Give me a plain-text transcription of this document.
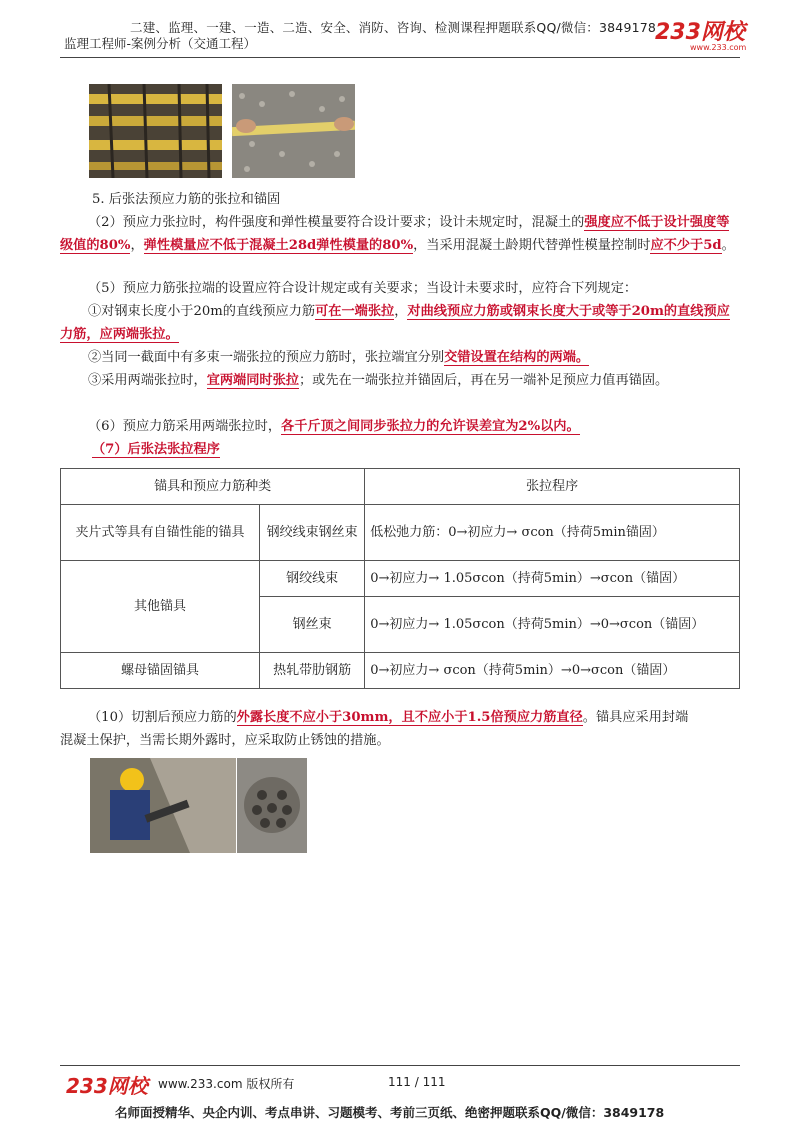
二建、监理、一建、一造、二造、安全、消防、咨询、检测课程押题联系QQ/微信：3849178
监理工程师-案例分析（交通工程）	233网校
www.233.com
5. 后张法预应力筋的张拉和锚固
（2）预应力张拉时，构件强度和弹性模量要符合设计要求；设计未规定时，混凝土的强度应不低于设计强度等级值的80%，弹性模量应不低于混凝土28d弹性模量的80%，当采用混凝土龄期代替弹性模量控制时应不少于5d。
（5）预应力筋张拉端的设置应符合设计规定或有关要求；当设计未要求时，应符合下列规定：
①对钢束长度小于20m的直线预应力筋可在一端张拉，对曲线预应力筋或钢束长度大于或等于20m的直线预应力筋，应两端张拉。
②当同一截面中有多束一端张拉的预应力筋时，张拉端宜分别交错设置在结构的两端。
③采用两端张拉时，宜两端同时张拉；或先在一端张拉并锚固后，再在另一端补足预应力值再锚固。
（6）预应力筋采用两端张拉时，各千斤顶之间同步张拉力的允许误差宜为2%以内。
（7）后张法张拉程序
锚具和预应力筋种类		张拉程序
夹片式等具有自锚性能的锚具	钢绞线束钢丝束	低松弛力筋：0→初应力→ σcon（持荷5min锚固）
其他锚具	钢绞线束	0→初应力→ 1.05σcon（持荷5min）→σcon（锚固）
	钢丝束	0→初应力→ 1.05σcon（持荷5min）→0→σcon（锚固）
螺母锚固锚具	热轧带肋钢筋	0→初应力→ σcon（持荷5min）→0→σcon（锚固）
（10）切割后预应力筋的外露长度不应小于30mm，且不应小于1.5倍预应力筋直径。锚具应采用封端
混凝土保护，当需长期外露时，应采取防止锈蚀的措施。
233网校 www.233.com 版权所有	111 / 111
名师面授精华、央企内训、考点串讲、习题模考、考前三页纸、绝密押题联系QQ/微信：3849178
